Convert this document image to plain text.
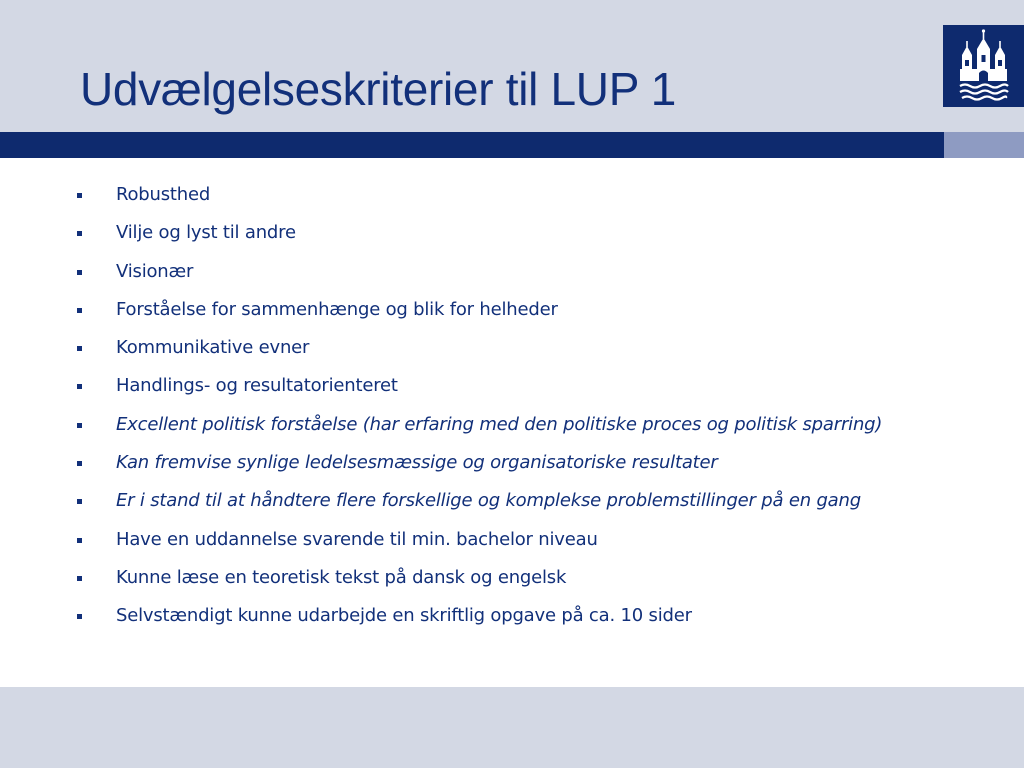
Udvælgelseskriterier til LUP 1
Robusthed
Vilje og lyst til andre
Visionær
Forståelse for sammenhænge og blik for helheder
Kommunikative evner
Handlings- og resultatorienteret
Excellent politisk forståelse (har erfaring med den politiske proces og politisk sparring)
Kan fremvise synlige ledelsesmæssige og organisatoriske resultater
Er i stand til at håndtere flere forskellige og komplekse problemstillinger på en gang
Have en uddannelse svarende til min. bachelor niveau
Kunne læse en teoretisk tekst på dansk og engelsk
Selvstændigt kunne udarbejde en skriftlig opgave på ca. 10 sider
